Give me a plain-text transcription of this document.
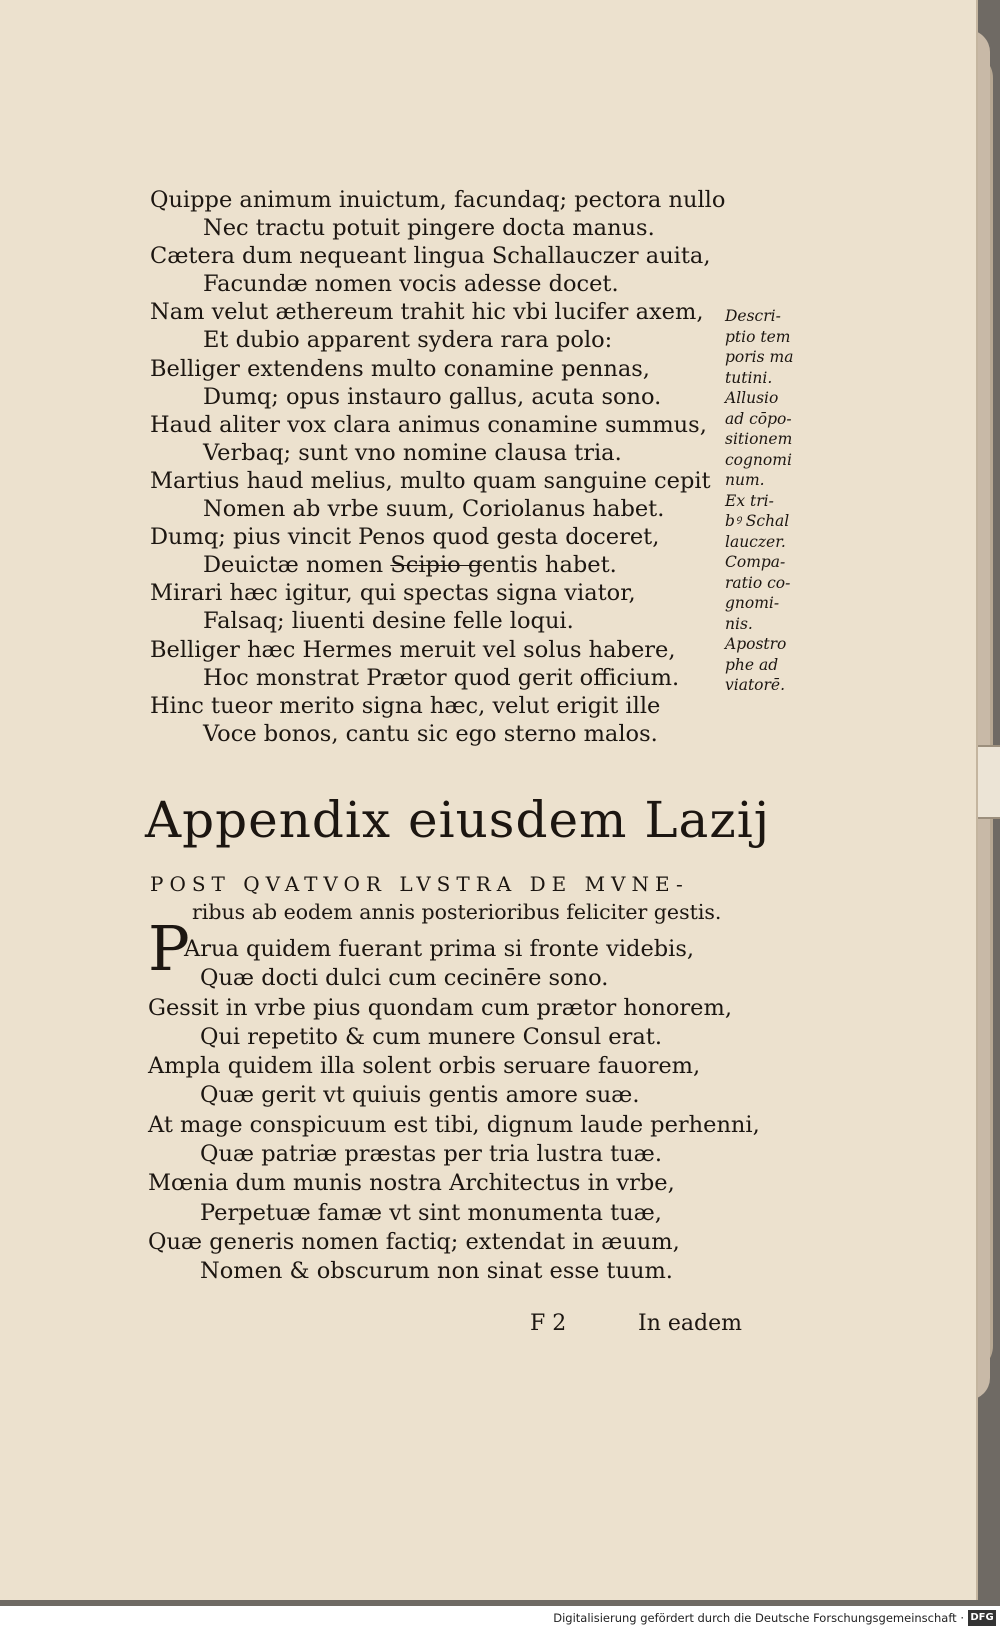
Quippe animum inuictum, facundaq; pectora nullo
Nec tractu potuit pingere docta manus.
Cætera dum nequeant lingua Schallauczer auita,
Facundæ nomen vocis adesse docet.
Nam velut æthereum trahit hic vbi lucifer axem,
Et dubio apparent sydera rara polo:
Belliger extendens multo conamine pennas,
Dumq; opus instauro gallus, acuta sono.
Haud aliter vox clara animus conamine summus,
Verbaq; sunt vno nomine clausa tria.
Martius haud melius, multo quam sanguine cepit
Nomen ab vrbe suum, Coriolanus habet.
Dumq; pius vincit Penos quod gesta doceret,
Deuictæ nomen Scipio gentis habet.
Mirari hæc igitur, qui spectas signa viator,
Falsaq; liuenti desine felle loqui.
Belliger hæc Hermes meruit vel solus habere,
Hoc monstrat Prætor quod gerit officium.
Hinc tueor merito signa hæc, velut erigit ille
Voce bonos, cantu sic ego sterno malos.
Descri-
ptio tem
poris ma
tutini.
Allusio
ad cōpo-
sitionem
cognomi
num.
Ex tri-
bꝰ Schal
lauczer.
Compa-
ratio co-
gnomi-
nis.
Apostro
phe ad
viatorē.
Appendix eiusdem Lazij
POST QVATVOR LVSTRA DE MVNE-
ribus ab eodem annis posterioribus feliciter gestis.
P
Arua quidem fuerant prima si fronte videbis,
Quæ docti dulci cum cecinēre sono.
Gessit in vrbe pius quondam cum prætor honorem,
Qui repetito & cum munere Consul erat.
Ampla quidem illa solent orbis seruare fauorem,
Quæ gerit vt quiuis gentis amore suæ.
At mage conspicuum est tibi, dignum laude perhenni,
Quæ patriæ præstas per tria lustra tuæ.
Mœnia dum munis nostra Architectus in vrbe,
Perpetuæ famæ vt sint monumenta tuæ,
Quæ generis nomen factiq; extendat in æuum,
Nomen & obscurum non sinat esse tuum.
F 2	In eadem
Digitalisierung gefördert durch die Deutsche Forschungsgemeinschaft · DFG
